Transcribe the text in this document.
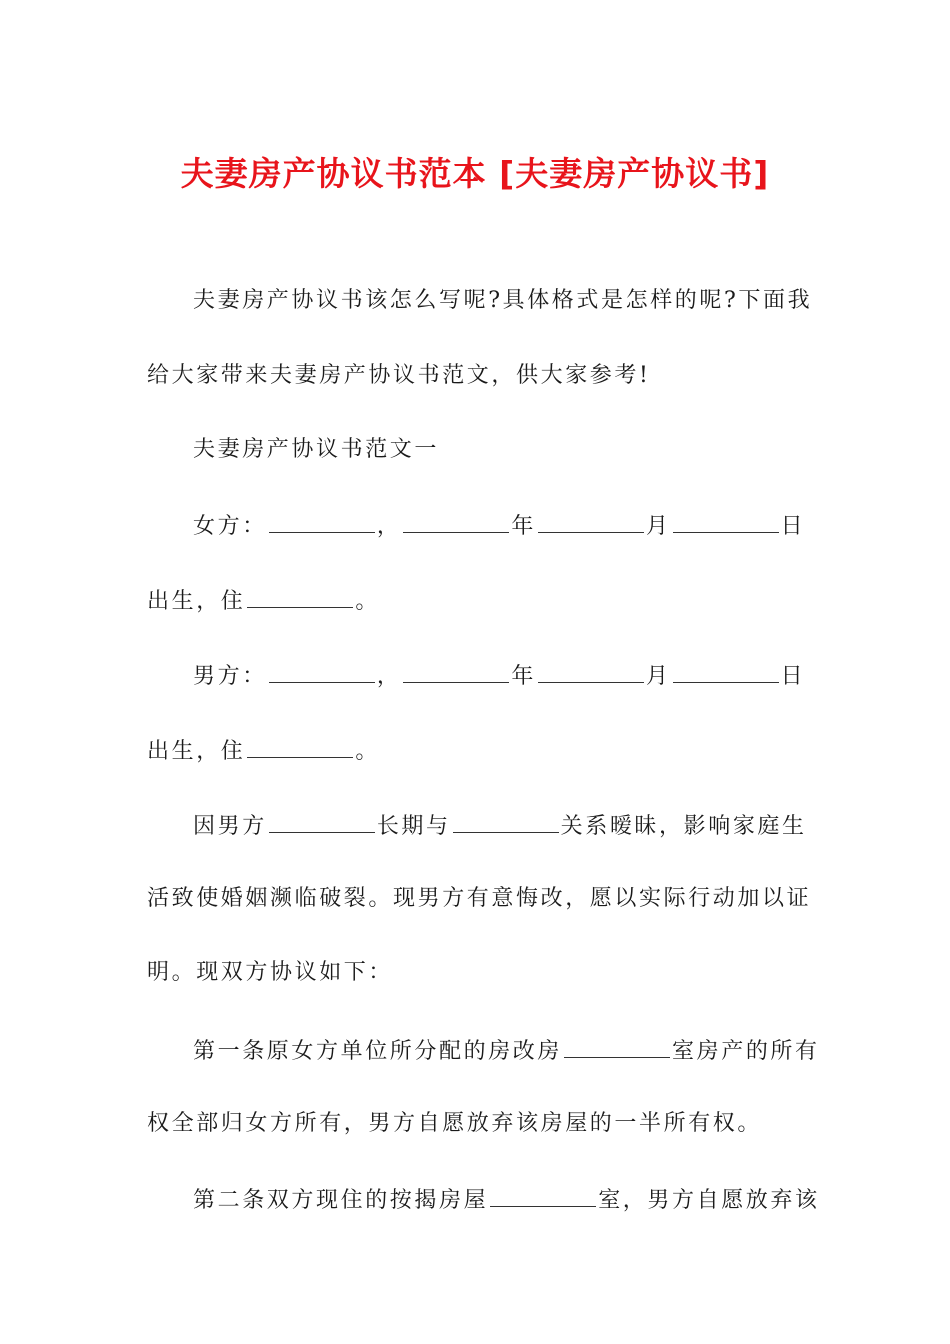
夫妻房产协议书范本 [夫妻房产协议书]
夫妻房产协议书该怎么写呢?具体格式是怎样的呢?下面我
给大家带来夫妻房产协议书范文，供大家参考!
夫妻房产协议书范文一
女方：	，	年	月	日
出生，住	。
男方：	，	年	月	日
出生，住	。
因男方	长期与	关系暧昧，影响家庭生
活致使婚姻濒临破裂。现男方有意悔改，愿以实际行动加以证
明。现双方协议如下：
第一条原女方单位所分配的房改房	室房产的所有
权全部归女方所有，男方自愿放弃该房屋的一半所有权。
第二条双方现住的按揭房屋	室，男方自愿放弃该
